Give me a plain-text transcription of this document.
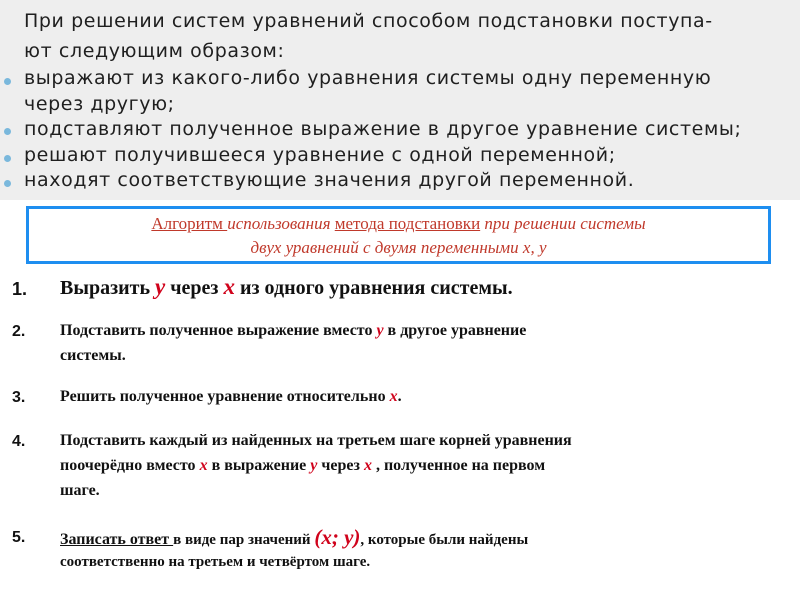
При решении систем уравнений способом подстановки поступа-
ют следующим образом:
выражают из какого-либо уравнения системы одну переменную
через другую;
подставляют полученное выражение в другое уравнение системы;
решают получившееся уравнение с одной переменной;
находят соответствующие значения другой переменной.
Алгоритм использования метода подстановки при решении системы
двух уравнений с двумя переменными х, у
1. Выразить у через х из одного уравнения системы.
2. Подставить полученное выражение вместо у в другое уравнение
системы.
3. Решить полученное уравнение относительно х.
4. Подставить каждый из найденных на третьем шаге корней уравнения
поочерёдно вместо х в выражение у через х , полученное на первом
шаге.
5. Записать ответ в виде пар значений (х; у), которые были найдены
соответственно на третьем и четвёртом шаге.
